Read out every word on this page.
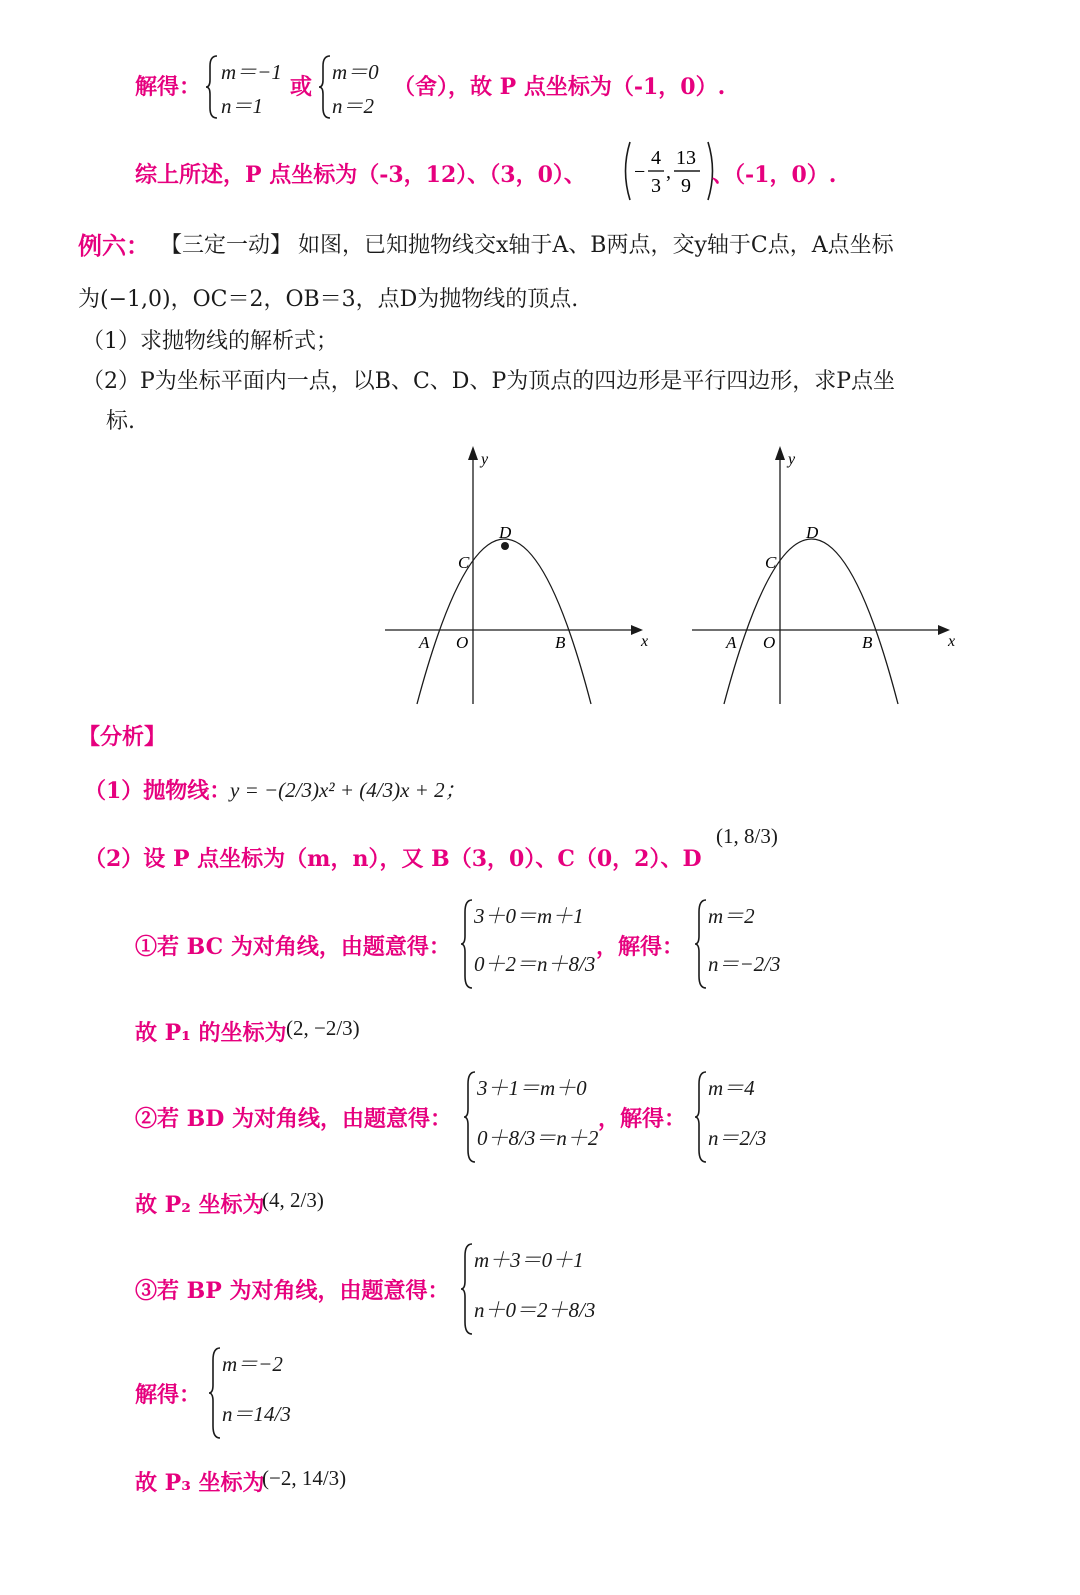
解得：
m＝−1
n＝1
或
m＝0
n＝2
（舍），故 P 点坐标为（-1，0）.
综上所述，P 点坐标为（-3，12）、（3，0）、 −
4
3
,
13
9 、（-1，0）.
例六： 【三定一动】 如图，已知抛物线交x轴于A、B两点，交y轴于C点，A点坐标
为(−1,0)，OC＝2，OB＝3，点D为抛物线的顶点.
（1）求抛物线的解析式；
（2）P为坐标平面内一点，以B、C、D、P为顶点的四边形是平行四边形，求P点坐
标.
y
x
A O	B
C
D
y
x
A O	B
C
D
【分析】
（1）抛物线：
y = −(2/3)x² + (4/3)x + 2；
（2）设 P 点坐标为（m，n），又 B（3，0）、C（0，2）、D
(1, 8/3)
①若 BC 为对角线，由题意得：
3＋0＝m＋1
0＋2＝n＋8/3
，解得：
m＝2
n＝−2/3
故 P₁ 的坐标为 (2, −2/3)
②若 BD 为对角线，由题意得：
3＋1＝m＋0
0＋8/3＝n＋2
，解得：
m＝4
n＝2/3
故 P₂ 坐标为
(4, 2/3)
③若 BP 为对角线，由题意得：
m＋3＝0＋1
n＋0＝2＋8/3
解得：
m＝−2
n＝14/3
故 P₃ 坐标为
(−2, 14/3)
